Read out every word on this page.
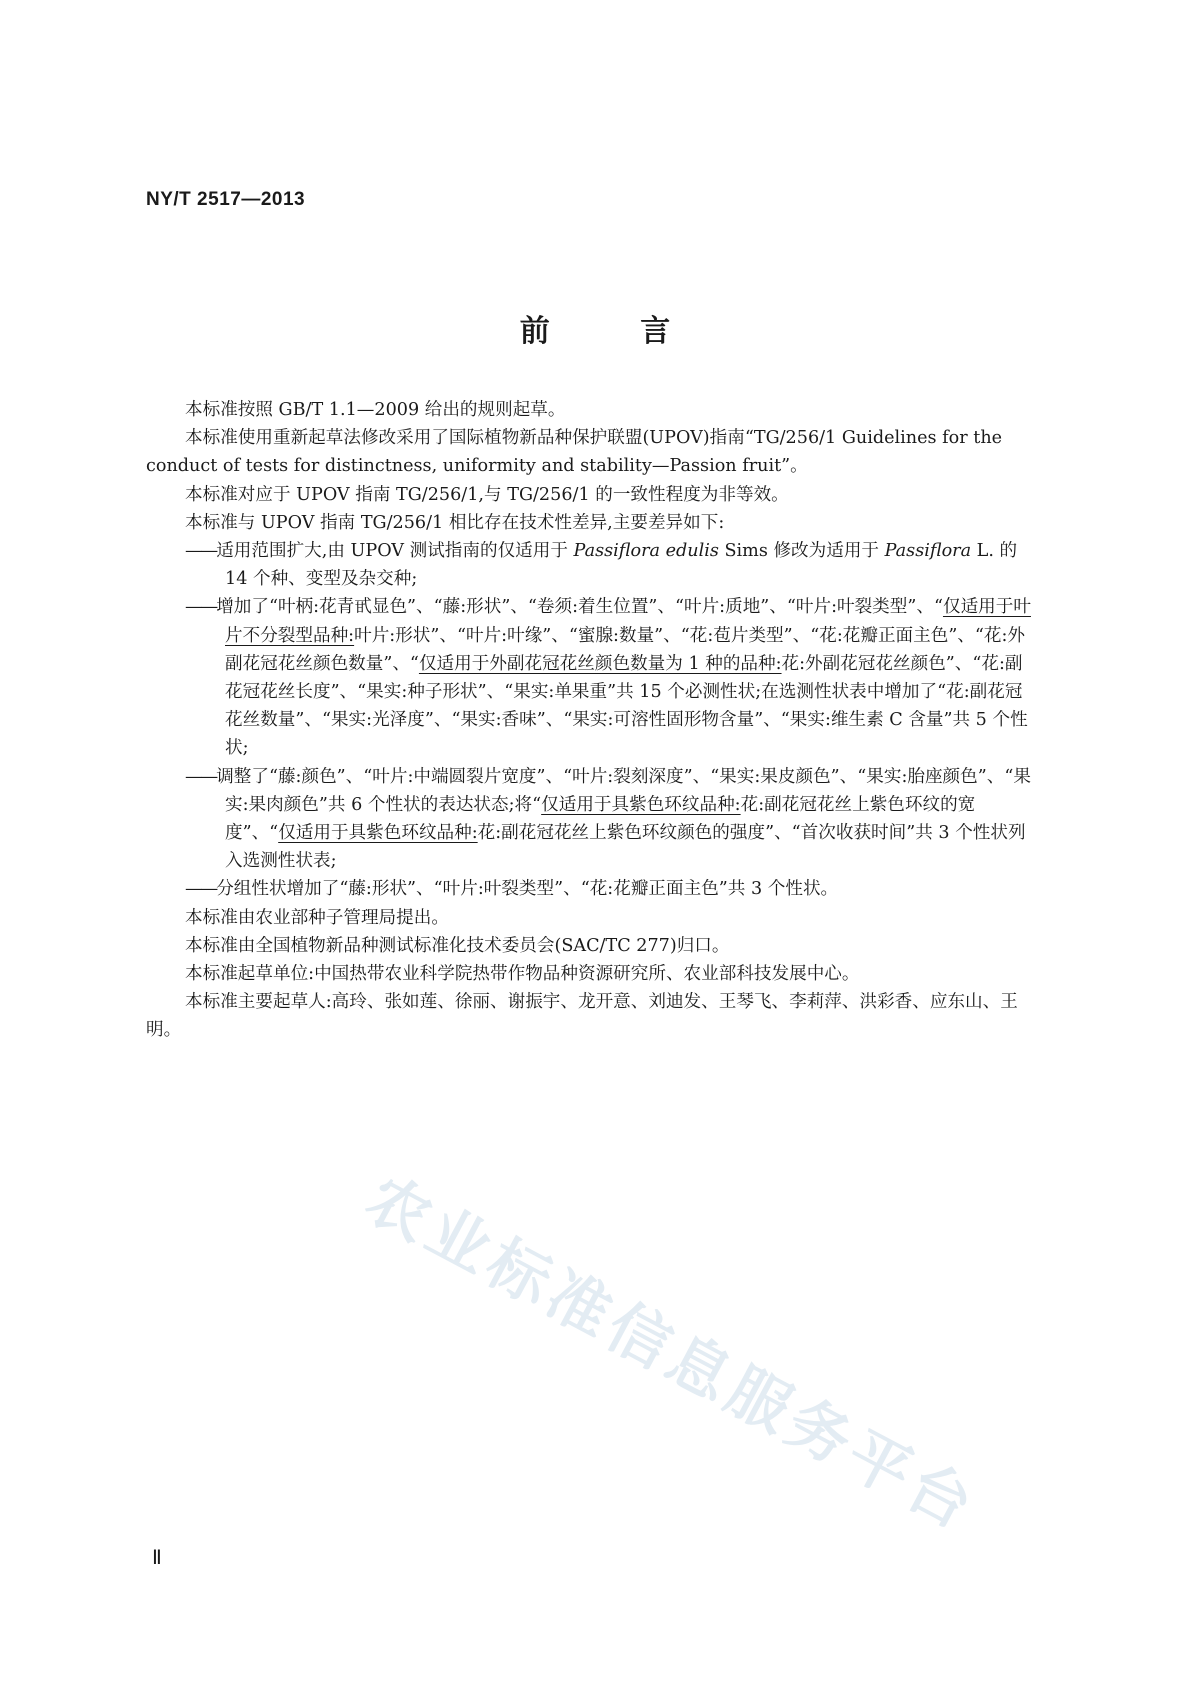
NY/T 2517—2013
前 言

本标准按照 GB/T 1.1—2009 给出的规则起草。

本标准使用重新起草法修改采用了国际植物新品种保护联盟(UPOV)指南“TG/256/1 Guidelines for the conduct of tests for distinctness, uniformity and stability—Passion fruit”。

本标准对应于 UPOV 指南 TG/256/1,与 TG/256/1 的一致性程度为非等效。

本标准与 UPOV 指南 TG/256/1 相比存在技术性差异,主要差异如下:

——适用范围扩大,由 UPOV 测试指南的仅适用于 Passiflora edulis Sims 修改为适用于 Passiflora L. 的 14 个种、变型及杂交种;

——增加了“叶柄:花青甙显色”、“藤:形状”、“卷须:着生位置”、“叶片:质地”、“叶片:叶裂类型”、“仅适用于叶片不分裂型品种:叶片:形状”、“叶片:叶缘”、“蜜腺:数量”、“花:苞片类型”、“花:花瓣正面主色”、“花:外副花冠花丝颜色数量”、“仅适用于外副花冠花丝颜色数量为 1 种的品种:花:外副花冠花丝颜色”、“花:副花冠花丝长度”、“果实:种子形状”、“果实:单果重”共 15 个必测性状;在选测性状表中增加了“花:副花冠花丝数量”、“果实:光泽度”、“果实:香味”、“果实:可溶性固形物含量”、“果实:维生素 C 含量”共 5 个性状;

——调整了“藤:颜色”、“叶片:中端圆裂片宽度”、“叶片:裂刻深度”、“果实:果皮颜色”、“果实:胎座颜色”、“果实:果肉颜色”共 6 个性状的表达状态;将“仅适用于具紫色环纹品种:花:副花冠花丝上紫色环纹的宽度”、“仅适用于具紫色环纹品种:花:副花冠花丝上紫色环纹颜色的强度”、“首次收获时间”共 3 个性状列入选测性状表;

——分组性状增加了“藤:形状”、“叶片:叶裂类型”、“花:花瓣正面主色”共 3 个性状。

本标准由农业部种子管理局提出。

本标准由全国植物新品种测试标准化技术委员会(SAC/TC 277)归口。

本标准起草单位:中国热带农业科学院热带作物品种资源研究所、农业部科技发展中心。

本标准主要起草人:高玲、张如莲、徐丽、谢振宇、龙开意、刘迪发、王琴飞、李莉萍、洪彩香、应东山、王明。

农业标准信息服务平台
Ⅱ
